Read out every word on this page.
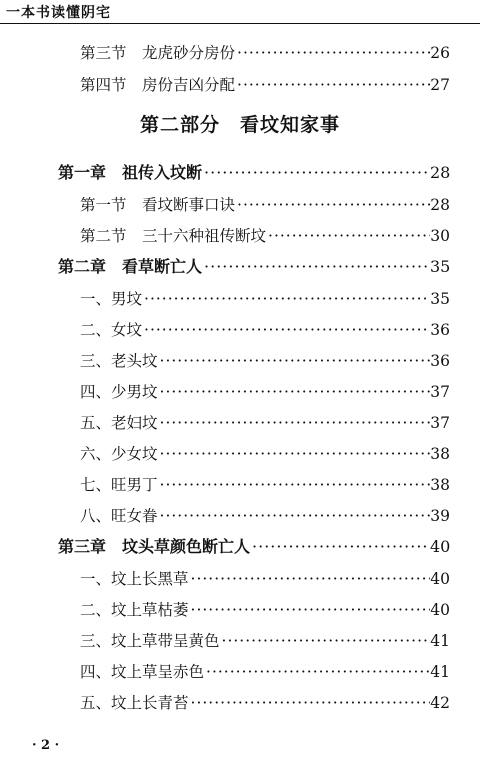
一本书读懂阴宅
第三节　龙虎砂分房份 ·····	26
第四节　房份吉凶分配 ·····	27
第二部分　看坟知家事
第一章　祖传入坟断 ·····	28
第一节　看坟断事口诀 ·····	28
第二节　三十六种祖传断坟 ·····	30
第二章　看草断亡人 ·····	35
一、男坟 ·····	35
二、女坟 ·····	36
三、老头坟 ·····	36
四、少男坟 ·····	37
五、老妇坟 ·····	37
六、少女坟 ·····	38
七、旺男丁 ·····	38
八、旺女眷 ·····	39
第三章　坟头草颜色断亡人 ·····	40
一、坟上长黑草 ·····	40
二、坟上草枯萎 ·····	40
三、坟上草带呈黄色 ·····	41
四、坟上草呈赤色 ·····	41
五、坟上长青苔 ·····	42
· 2 ·
